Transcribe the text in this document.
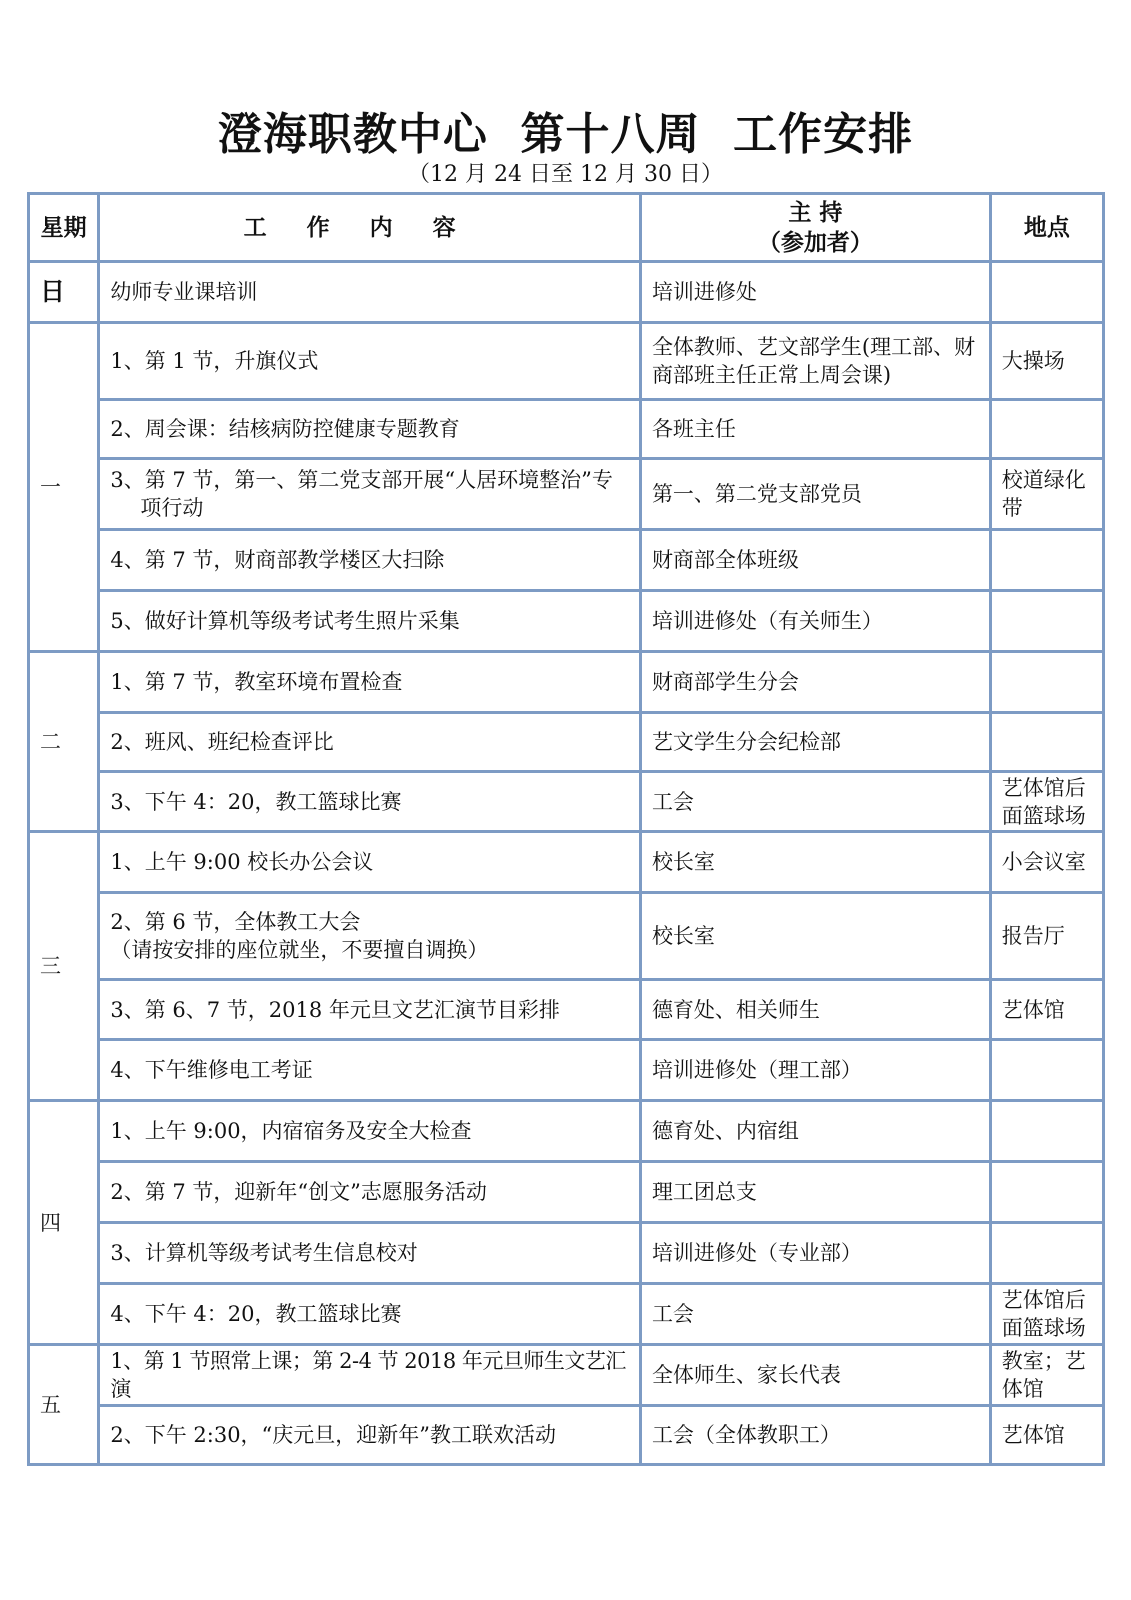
澄海职教中心  第十八周  工作安排
（12 月 24 日至 12 月 30 日）
星期	工作内容	主 持
（参加者）	地点
日	幼师专业课培训	培训进修处	
一	1、第 1 节，升旗仪式	全体教师、艺文部学生(理工部、财商部班主任正常上周会课)	大操场
	2、周会课：结核病防控健康专题教育	各班主任	

	3、第 7 节，第一、第二党支部开展“人居环境整治”专
项行动	第一、第二党支部党员	校道绿化带
	4、第 7 节，财商部教学楼区大扫除	财商部全体班级	
	5、做好计算机等级考试考生照片采集	培训进修处（有关师生）	
二	1、第 7 节，教室环境布置检查	财商部学生分会	
	2、班风、班纪检查评比	艺文学生分会纪检部	
	3、下午 4：20，教工篮球比赛	工会	艺体馆后面篮球场
三	1、上午 9:00 校长办公会议	校长室	小会议室

	2、第 6 节，全体教工大会
（请按安排的座位就坐，不要擅自调换）	校长室	报告厅
	3、第 6、7 节，2018 年元旦文艺汇演节目彩排	德育处、相关师生	艺体馆
	4、下午维修电工考证	培训进修处（理工部）	
四	1、上午 9:00，内宿宿务及安全大检查	德育处、内宿组	
	2、第 7 节，迎新年“创文”志愿服务活动	理工团总支	
	3、计算机等级考试考生信息校对	培训进修处（专业部）	
	4、下午 4：20，教工篮球比赛	工会	艺体馆后面篮球场
五	1、第 1 节照常上课；第 2-4 节 2018 年元旦师生文艺汇演	全体师生、家长代表	教室；艺体馆
	2、下午 2:30，“庆元旦，迎新年”教工联欢活动	工会（全体教职工）	艺体馆
